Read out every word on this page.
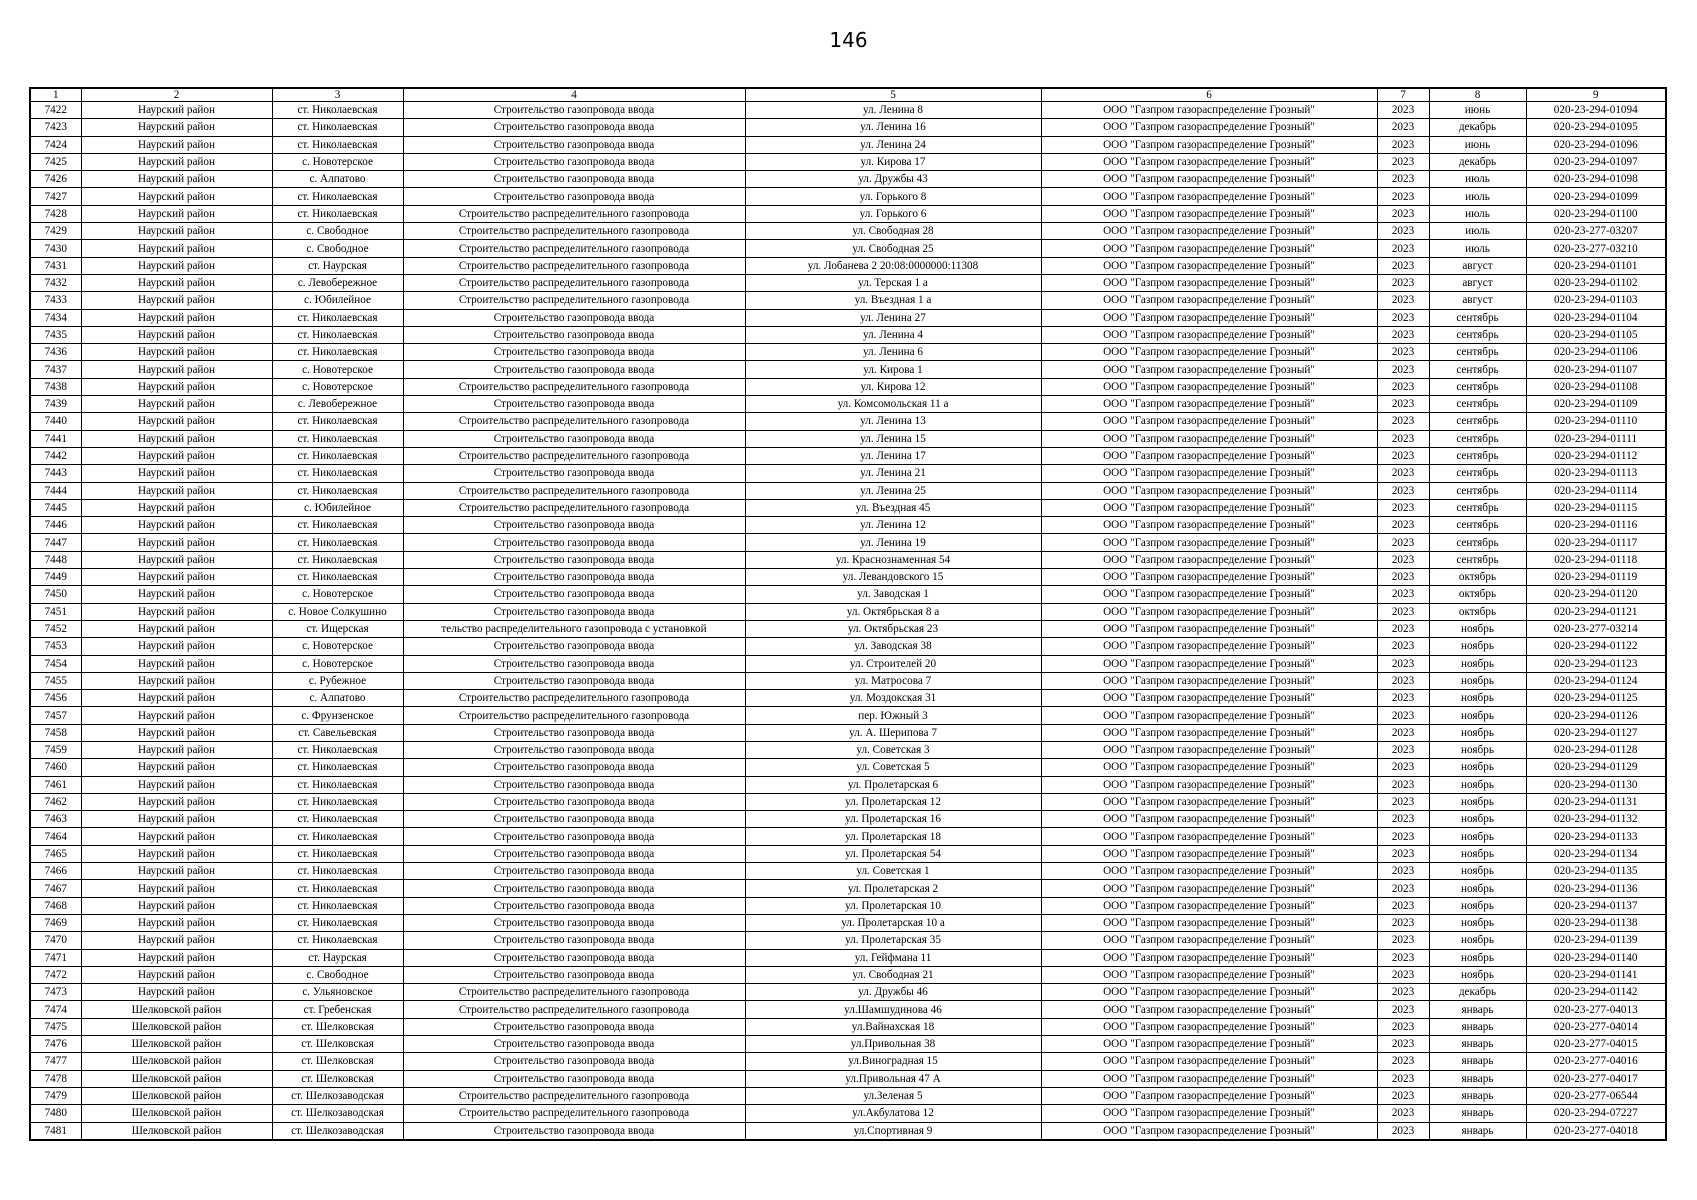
146
1	2	3	4	5	6	7	8	9
7422	Наурский район	ст. Николаевская	Строительство газопровода ввода	ул. Ленина 8	ООО "Газпром газораспределение Грозный"	2023	июнь	020-23-294-01094
7423	Наурский район	ст. Николаевская	Строительство газопровода ввода	ул. Ленина 16	ООО "Газпром газораспределение Грозный"	2023	декабрь	020-23-294-01095
7424	Наурский район	ст. Николаевская	Строительство газопровода ввода	ул. Ленина 24	ООО "Газпром газораспределение Грозный"	2023	июнь	020-23-294-01096
7425	Наурский район	с. Новотерское	Строительство газопровода ввода	ул. Кирова 17	ООО "Газпром газораспределение Грозный"	2023	декабрь	020-23-294-01097
7426	Наурский район	с. Алпатово	Строительство газопровода ввода	ул. Дружбы 43	ООО "Газпром газораспределение Грозный"	2023	июль	020-23-294-01098
7427	Наурский район	ст. Николаевская	Строительство газопровода ввода	ул. Горького 8	ООО "Газпром газораспределение Грозный"	2023	июль	020-23-294-01099
7428	Наурский район	ст. Николаевская	Строительство распределительного газопровода	ул. Горького 6	ООО "Газпром газораспределение Грозный"	2023	июль	020-23-294-01100
7429	Наурский район	с. Свободное	Строительство распределительного газопровода	ул. Свободная 28	ООО "Газпром газораспределение Грозный"	2023	июль	020-23-277-03207
7430	Наурский район	с. Свободное	Строительство распределительного газопровода	ул. Свободная 25	ООО "Газпром газораспределение Грозный"	2023	июль	020-23-277-03210
7431	Наурский район	ст. Наурская	Строительство распределительного газопровода	ул. Лобанева 2 20:08:0000000:11308	ООО "Газпром газораспределение Грозный"	2023	август	020-23-294-01101
7432	Наурский район	с. Левобережное	Строительство распределительного газопровода	ул. Терская 1 а	ООО "Газпром газораспределение Грозный"	2023	август	020-23-294-01102
7433	Наурский район	с. Юбилейное	Строительство распределительного газопровода	ул. Въездная 1 а	ООО "Газпром газораспределение Грозный"	2023	август	020-23-294-01103
7434	Наурский район	ст. Николаевская	Строительство газопровода ввода	ул. Ленина 27	ООО "Газпром газораспределение Грозный"	2023	сентябрь	020-23-294-01104
7435	Наурский район	ст. Николаевская	Строительство газопровода ввода	ул. Ленина 4	ООО "Газпром газораспределение Грозный"	2023	сентябрь	020-23-294-01105
7436	Наурский район	ст. Николаевская	Строительство газопровода ввода	ул. Ленина 6	ООО "Газпром газораспределение Грозный"	2023	сентябрь	020-23-294-01106
7437	Наурский район	с. Новотерское	Строительство газопровода ввода	ул. Кирова 1	ООО "Газпром газораспределение Грозный"	2023	сентябрь	020-23-294-01107
7438	Наурский район	с. Новотерское	Строительство распределительного газопровода	ул. Кирова 12	ООО "Газпром газораспределение Грозный"	2023	сентябрь	020-23-294-01108
7439	Наурский район	с. Левобережное	Строительство газопровода ввода	ул. Комсомольская 11 а	ООО "Газпром газораспределение Грозный"	2023	сентябрь	020-23-294-01109
7440	Наурский район	ст. Николаевская	Строительство распределительного газопровода	ул. Ленина 13	ООО "Газпром газораспределение Грозный"	2023	сентябрь	020-23-294-01110
7441	Наурский район	ст. Николаевская	Строительство газопровода ввода	ул. Ленина 15	ООО "Газпром газораспределение Грозный"	2023	сентябрь	020-23-294-01111
7442	Наурский район	ст. Николаевская	Строительство распределительного газопровода	ул. Ленина 17	ООО "Газпром газораспределение Грозный"	2023	сентябрь	020-23-294-01112
7443	Наурский район	ст. Николаевская	Строительство газопровода ввода	ул. Ленина 21	ООО "Газпром газораспределение Грозный"	2023	сентябрь	020-23-294-01113
7444	Наурский район	ст. Николаевская	Строительство распределительного газопровода	ул. Ленина 25	ООО "Газпром газораспределение Грозный"	2023	сентябрь	020-23-294-01114
7445	Наурский район	с. Юбилейное	Строительство распределительного газопровода	ул. Въездная 45	ООО "Газпром газораспределение Грозный"	2023	сентябрь	020-23-294-01115
7446	Наурский район	ст. Николаевская	Строительство газопровода ввода	ул. Ленина 12	ООО "Газпром газораспределение Грозный"	2023	сентябрь	020-23-294-01116
7447	Наурский район	ст. Николаевская	Строительство газопровода ввода	ул. Ленина 19	ООО "Газпром газораспределение Грозный"	2023	сентябрь	020-23-294-01117
7448	Наурский район	ст. Николаевская	Строительство газопровода ввода	ул. Краснознаменная 54	ООО "Газпром газораспределение Грозный"	2023	сентябрь	020-23-294-01118
7449	Наурский район	ст. Николаевская	Строительство газопровода ввода	ул. Левандовского 15	ООО "Газпром газораспределение Грозный"	2023	октябрь	020-23-294-01119
7450	Наурский район	с. Новотерское	Строительство газопровода ввода	ул. Заводская 1	ООО "Газпром газораспределение Грозный"	2023	октябрь	020-23-294-01120
7451	Наурский район	с. Новое Солкушино	Строительство газопровода ввода	ул. Октябрьская 8 а	ООО "Газпром газораспределение Грозный"	2023	октябрь	020-23-294-01121
7452	Наурский район	ст. Ищерская	тельство распределительного газопровода с установкой	ул. Октябрьская 23	ООО "Газпром газораспределение Грозный"	2023	ноябрь	020-23-277-03214
7453	Наурский район	с. Новотерское	Строительство газопровода ввода	ул. Заводская 38	ООО "Газпром газораспределение Грозный"	2023	ноябрь	020-23-294-01122
7454	Наурский район	с. Новотерское	Строительство газопровода ввода	ул. Строителей 20	ООО "Газпром газораспределение Грозный"	2023	ноябрь	020-23-294-01123
7455	Наурский район	с. Рубежное	Строительство газопровода ввода	ул. Матросова 7	ООО "Газпром газораспределение Грозный"	2023	ноябрь	020-23-294-01124
7456	Наурский район	с. Алпатово	Строительство распределительного газопровода	ул. Моздокская 31	ООО "Газпром газораспределение Грозный"	2023	ноябрь	020-23-294-01125
7457	Наурский район	с. Фрунзенское	Строительство распределительного газопровода	пер. Южный 3	ООО "Газпром газораспределение Грозный"	2023	ноябрь	020-23-294-01126
7458	Наурский район	ст. Савельевская	Строительство газопровода ввода	ул. А. Шерипова 7	ООО "Газпром газораспределение Грозный"	2023	ноябрь	020-23-294-01127
7459	Наурский район	ст. Николаевская	Строительство газопровода ввода	ул. Советская 3	ООО "Газпром газораспределение Грозный"	2023	ноябрь	020-23-294-01128
7460	Наурский район	ст. Николаевская	Строительство газопровода ввода	ул. Советская 5	ООО "Газпром газораспределение Грозный"	2023	ноябрь	020-23-294-01129
7461	Наурский район	ст. Николаевская	Строительство газопровода ввода	ул. Пролетарская 6	ООО "Газпром газораспределение Грозный"	2023	ноябрь	020-23-294-01130
7462	Наурский район	ст. Николаевская	Строительство газопровода ввода	ул. Пролетарская 12	ООО "Газпром газораспределение Грозный"	2023	ноябрь	020-23-294-01131
7463	Наурский район	ст. Николаевская	Строительство газопровода ввода	ул. Пролетарская 16	ООО "Газпром газораспределение Грозный"	2023	ноябрь	020-23-294-01132
7464	Наурский район	ст. Николаевская	Строительство газопровода ввода	ул. Пролетарская 18	ООО "Газпром газораспределение Грозный"	2023	ноябрь	020-23-294-01133
7465	Наурский район	ст. Николаевская	Строительство газопровода ввода	ул. Пролетарская 54	ООО "Газпром газораспределение Грозный"	2023	ноябрь	020-23-294-01134
7466	Наурский район	ст. Николаевская	Строительство газопровода ввода	ул. Советская 1	ООО "Газпром газораспределение Грозный"	2023	ноябрь	020-23-294-01135
7467	Наурский район	ст. Николаевская	Строительство газопровода ввода	ул. Пролетарская 2	ООО "Газпром газораспределение Грозный"	2023	ноябрь	020-23-294-01136
7468	Наурский район	ст. Николаевская	Строительство газопровода ввода	ул. Пролетарская 10	ООО "Газпром газораспределение Грозный"	2023	ноябрь	020-23-294-01137
7469	Наурский район	ст. Николаевская	Строительство газопровода ввода	ул. Пролетарская 10 а	ООО "Газпром газораспределение Грозный"	2023	ноябрь	020-23-294-01138
7470	Наурский район	ст. Николаевская	Строительство газопровода ввода	ул. Пролетарская 35	ООО "Газпром газораспределение Грозный"	2023	ноябрь	020-23-294-01139
7471	Наурский район	ст. Наурская	Строительство газопровода ввода	ул. Гейфмана 11	ООО "Газпром газораспределение Грозный"	2023	ноябрь	020-23-294-01140
7472	Наурский район	с. Свободное	Строительство газопровода ввода	ул. Свободная 21	ООО "Газпром газораспределение Грозный"	2023	ноябрь	020-23-294-01141
7473	Наурский район	с. Ульяновское	Строительство распределительного газопровода	ул. Дружбы 46	ООО "Газпром газораспределение Грозный"	2023	декабрь	020-23-294-01142
7474	Шелковской район	ст. Гребенская	Строительство распределительного газопровода	ул.Шамшудинова 46	ООО "Газпром газораспределение Грозный"	2023	январь	020-23-277-04013
7475	Шелковской район	ст. Шелковская	Строительство газопровода ввода	ул.Вайнахская 18	ООО "Газпром газораспределение Грозный"	2023	январь	020-23-277-04014
7476	Шелковской район	ст. Шелковская	Строительство газопровода ввода	ул.Привольная 38	ООО "Газпром газораспределение Грозный"	2023	январь	020-23-277-04015
7477	Шелковской район	ст. Шелковская	Строительство газопровода ввода	ул.Виноградная 15	ООО "Газпром газораспределение Грозный"	2023	январь	020-23-277-04016
7478	Шелковской район	ст. Шелковская	Строительство газопровода ввода	ул.Привольная 47 А	ООО "Газпром газораспределение Грозный"	2023	январь	020-23-277-04017
7479	Шелковской район	ст. Шелкозаводская	Строительство распределительного газопровода	ул.Зеленая 5	ООО "Газпром газораспределение Грозный"	2023	январь	020-23-277-06544
7480	Шелковской район	ст. Шелкозаводская	Строительство распределительного газопровода	ул.Акбулатова 12	ООО "Газпром газораспределение Грозный"	2023	январь	020-23-294-07227
7481	Шелковской район	ст. Шелкозаводская	Строительство газопровода ввода	ул.Спортивная 9	ООО "Газпром газораспределение Грозный"	2023	январь	020-23-277-04018
